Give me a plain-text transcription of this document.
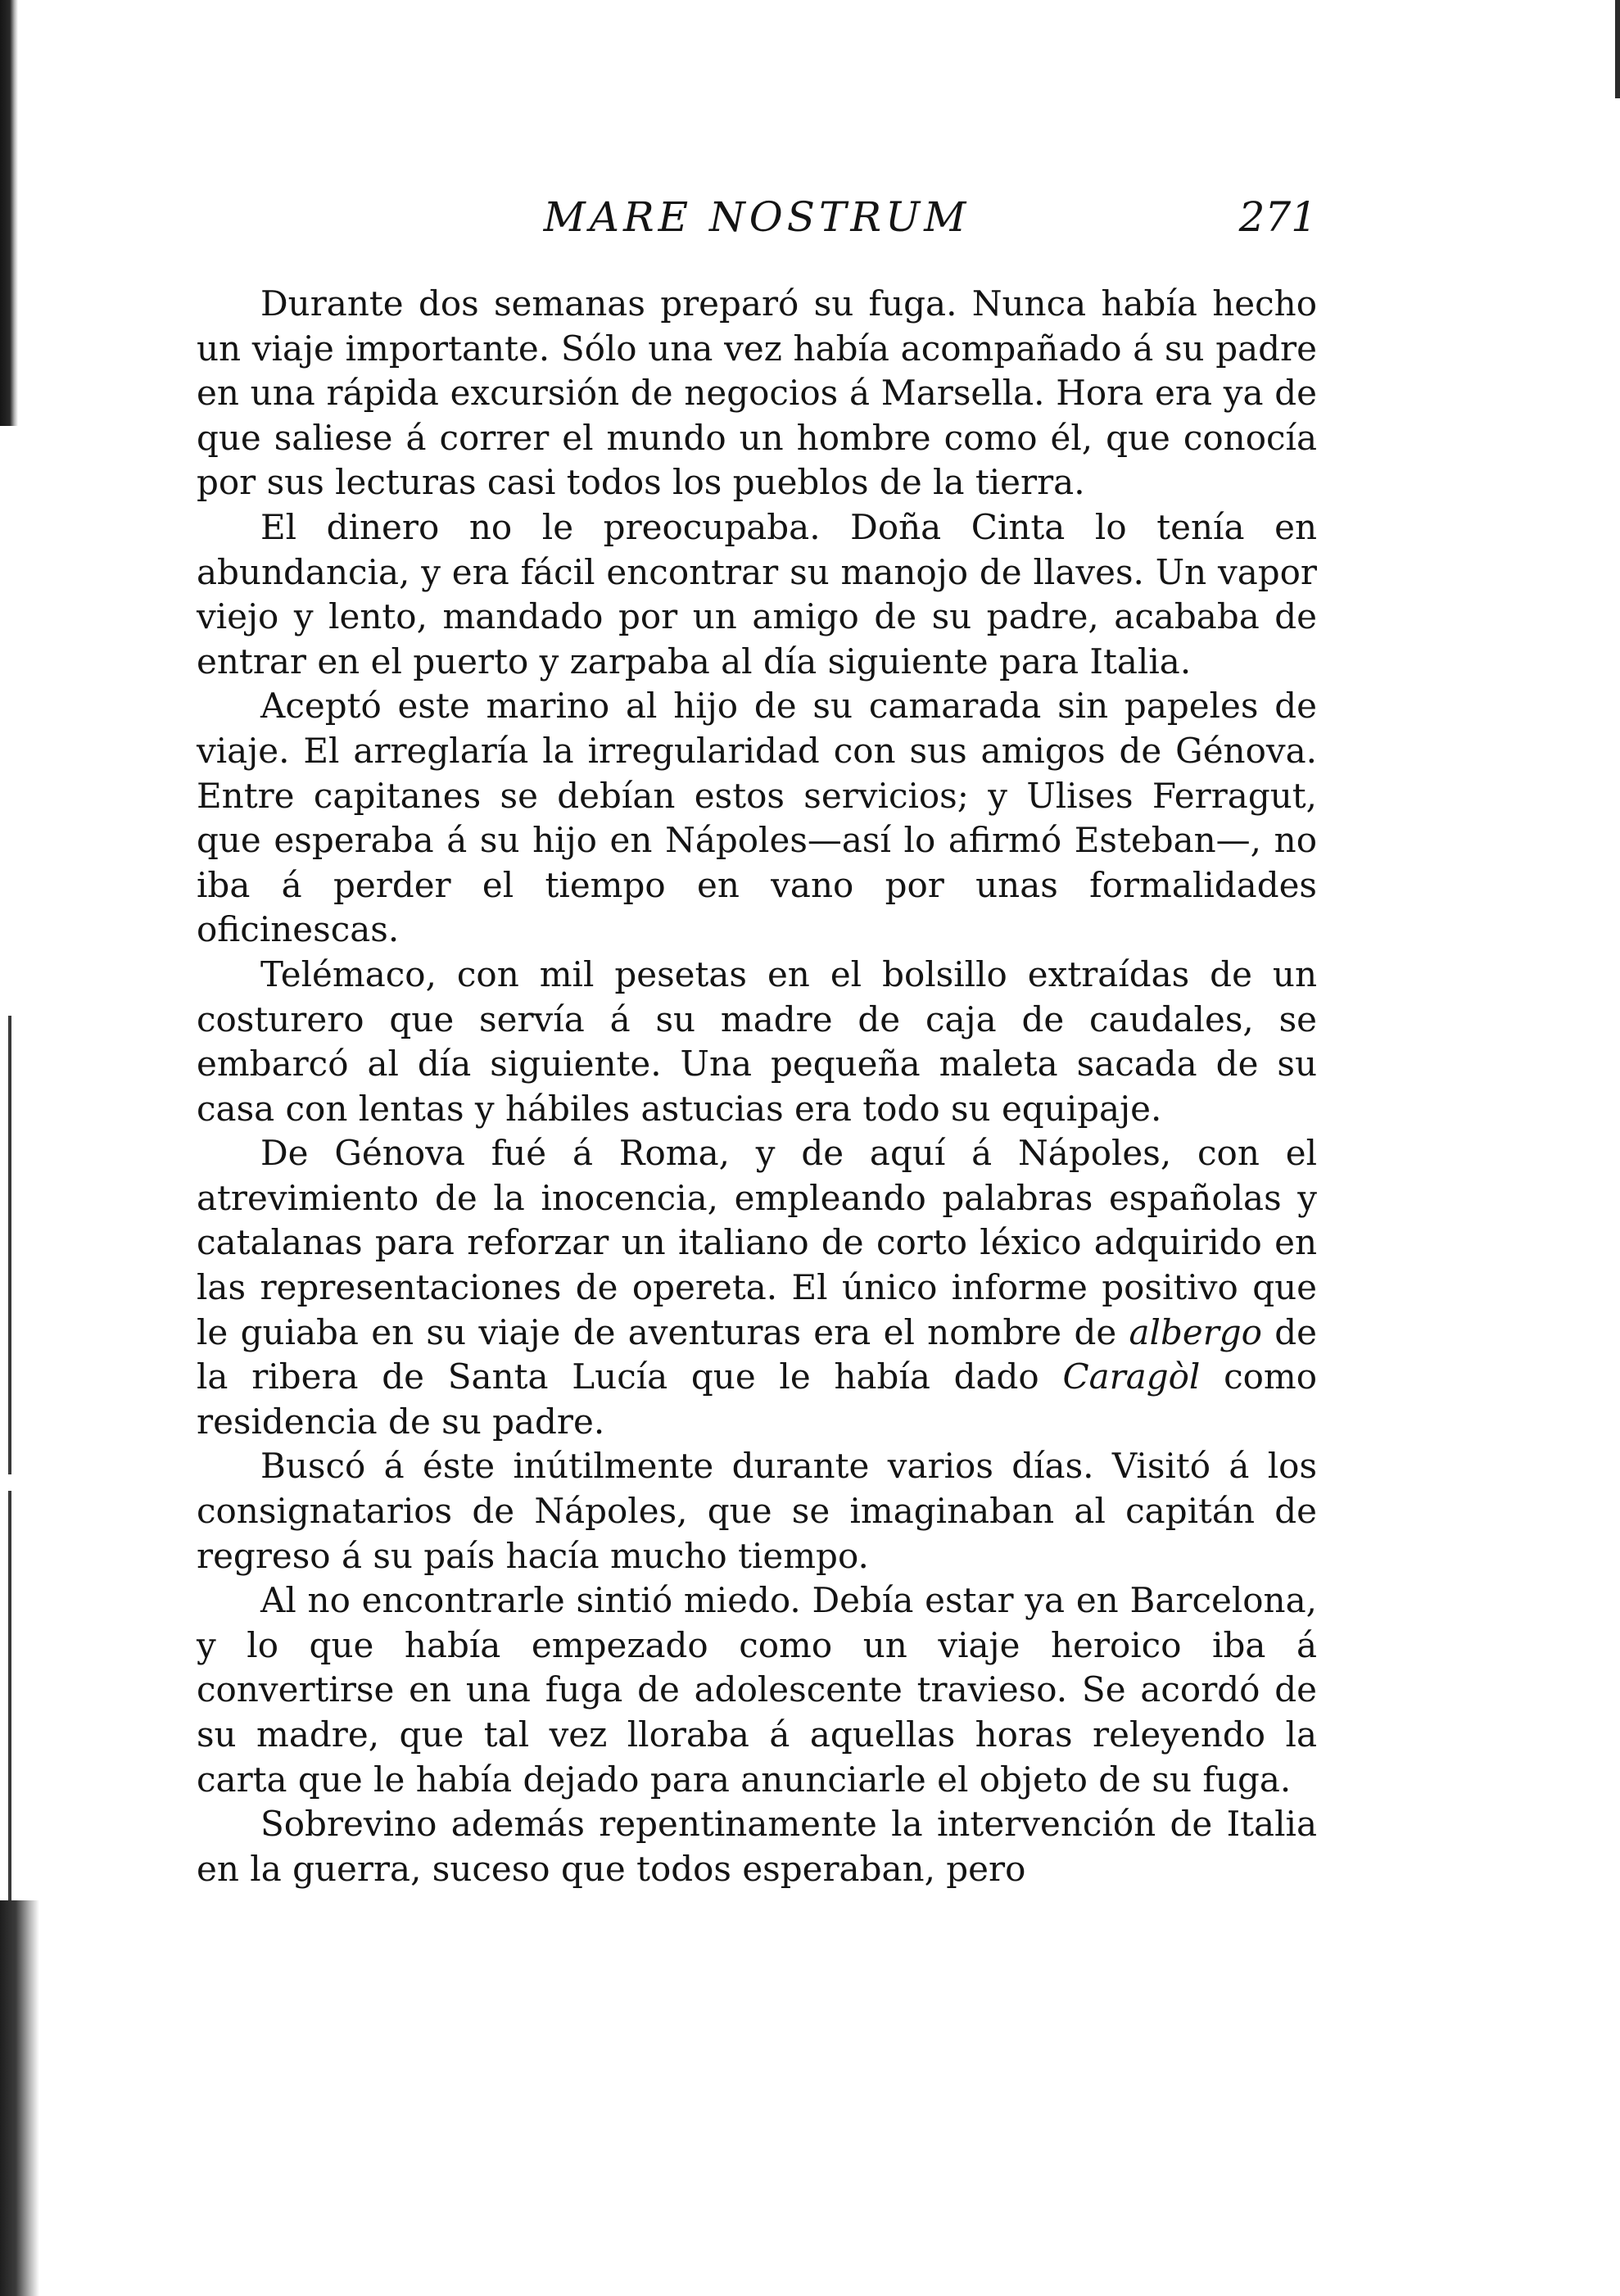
MARE NOSTRUM	271

Durante dos semanas preparó su fuga. Nunca había hecho un viaje importante. Sólo una vez había acompañado á su padre en una rápida excursión de negocios á Marsella. Hora era ya de que saliese á correr el mundo un hombre como él, que conocía por sus lecturas casi todos los pueblos de la tierra.

El dinero no le preocupaba. Doña Cinta lo tenía en abundancia, y era fácil encontrar su manojo de llaves. Un vapor viejo y lento, mandado por un amigo de su padre, acababa de entrar en el puerto y zarpaba al día siguiente para Italia.

Aceptó este marino al hijo de su camarada sin papeles de viaje. El arreglaría la irregularidad con sus amigos de Génova. Entre capitanes se debían estos servicios; y Ulises Ferragut, que esperaba á su hijo en Nápoles—así lo afirmó Esteban—, no iba á perder el tiempo en vano por unas formalidades oficinescas.

Telémaco, con mil pesetas en el bolsillo extraídas de un costurero que servía á su madre de caja de caudales, se embarcó al día siguiente. Una pequeña maleta sacada de su casa con lentas y hábiles astucias era todo su equipaje.

De Génova fué á Roma, y de aquí á Nápoles, con el atrevimiento de la inocencia, empleando palabras españolas y catalanas para reforzar un italiano de corto léxico adquirido en las representaciones de opereta. El único informe positivo que le guiaba en su viaje de aventuras era el nombre de albergo de la ribera de Santa Lucía que le había dado Caragòl como residencia de su padre.

Buscó á éste inútilmente durante varios días. Visitó á los consignatarios de Nápoles, que se imaginaban al capitán de regreso á su país hacía mucho tiempo.

Al no encontrarle sintió miedo. Debía estar ya en Barcelona, y lo que había empezado como un viaje heroico iba á convertirse en una fuga de adolescente travieso. Se acordó de su madre, que tal vez lloraba á aquellas horas releyendo la carta que le había dejado para anunciarle el objeto de su fuga.

Sobrevino además repentinamente la intervención de Italia en la guerra, suceso que todos esperaban, pero
